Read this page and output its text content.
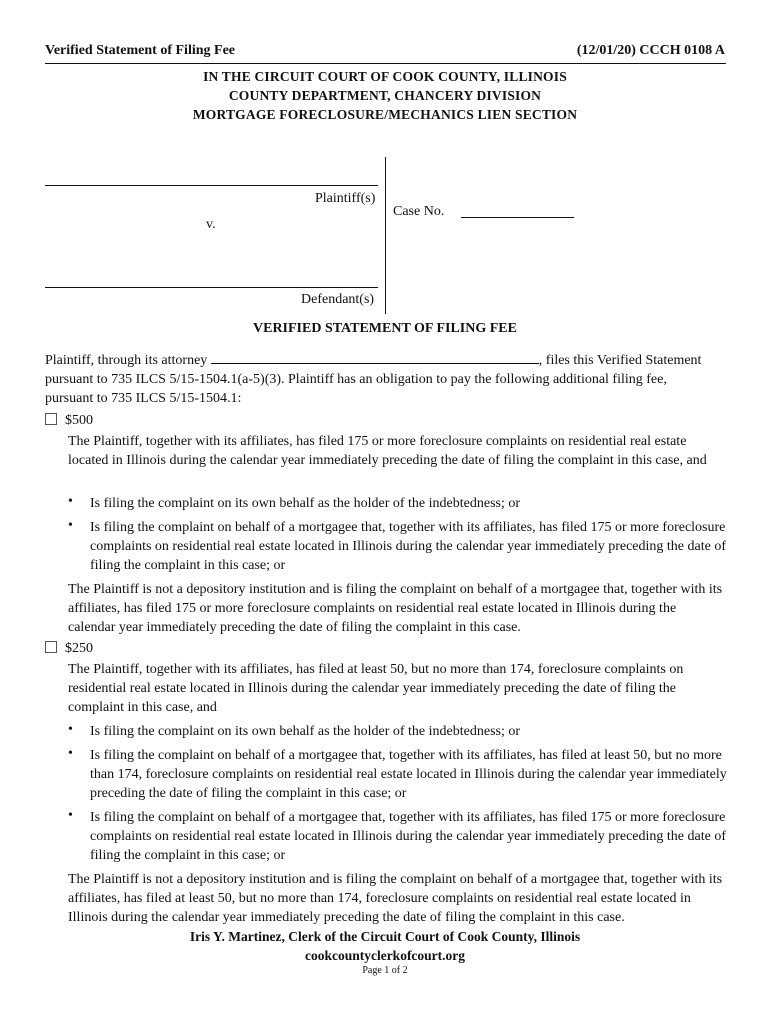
Verified Statement of Filing Fee	(12/01/20) CCCH 0108 A
IN THE CIRCUIT COURT OF COOK COUNTY, ILLINOIS
COUNTY DEPARTMENT, CHANCERY DIVISION
MORTGAGE FORECLOSURE/MECHANICS LIEN SECTION
Plaintiff(s)
v.
Defendant(s)
Case No.
VERIFIED STATEMENT OF FILING FEE
Plaintiff, through its attorney	, files this Verified Statement
pursuant to 735 ILCS 5/15-1504.1(a-5)(3). Plaintiff has an obligation to pay the following additional filing fee,
pursuant to 735 ILCS 5/15-1504.1:
$500
The Plaintiff, together with its affiliates, has filed 175 or more foreclosure complaints on residential real estate located in Illinois during the calendar year immediately preceding the date of filing the complaint in this case, and
• Is filing the complaint on its own behalf as the holder of the indebtedness; or
• Is filing the complaint on behalf of a mortgagee that, together with its affiliates, has filed 175 or more foreclosure complaints on residential real estate located in Illinois during the calendar year immediately preceding the date of filing the complaint in this case; or
The Plaintiff is not a depository institution and is filing the complaint on behalf of a mortgagee that, together with its affiliates, has filed 175 or more foreclosure complaints on residential real estate located in Illinois during the calendar year immediately preceding the date of filing the complaint in this case.
$250
The Plaintiff, together with its affiliates, has filed at least 50, but no more than 174, foreclosure complaints on residential real estate located in Illinois during the calendar year immediately preceding the date of filing the complaint in this case, and
• Is filing the complaint on its own behalf as the holder of the indebtedness; or
• Is filing the complaint on behalf of a mortgagee that, together with its affiliates, has filed at least 50, but no more than 174, foreclosure complaints on residential real estate located in Illinois during the calendar year immediately preceding the date of filing the complaint in this case; or
• Is filing the complaint on behalf of a mortgagee that, together with its affiliates, has filed 175 or more foreclosure complaints on residential real estate located in Illinois during the calendar year immediately preceding the date of filing the complaint in this case; or
The Plaintiff is not a depository institution and is filing the complaint on behalf of a mortgagee that, together with its affiliates, has filed at least 50, but no more than 174, foreclosure complaints on residential real estate located in Illinois during the calendar year immediately preceding the date of filing the complaint in this case.
Iris Y. Martinez, Clerk of the Circuit Court of Cook County, Illinois
cookcountyclerkofcourt.org
Page 1 of 2
